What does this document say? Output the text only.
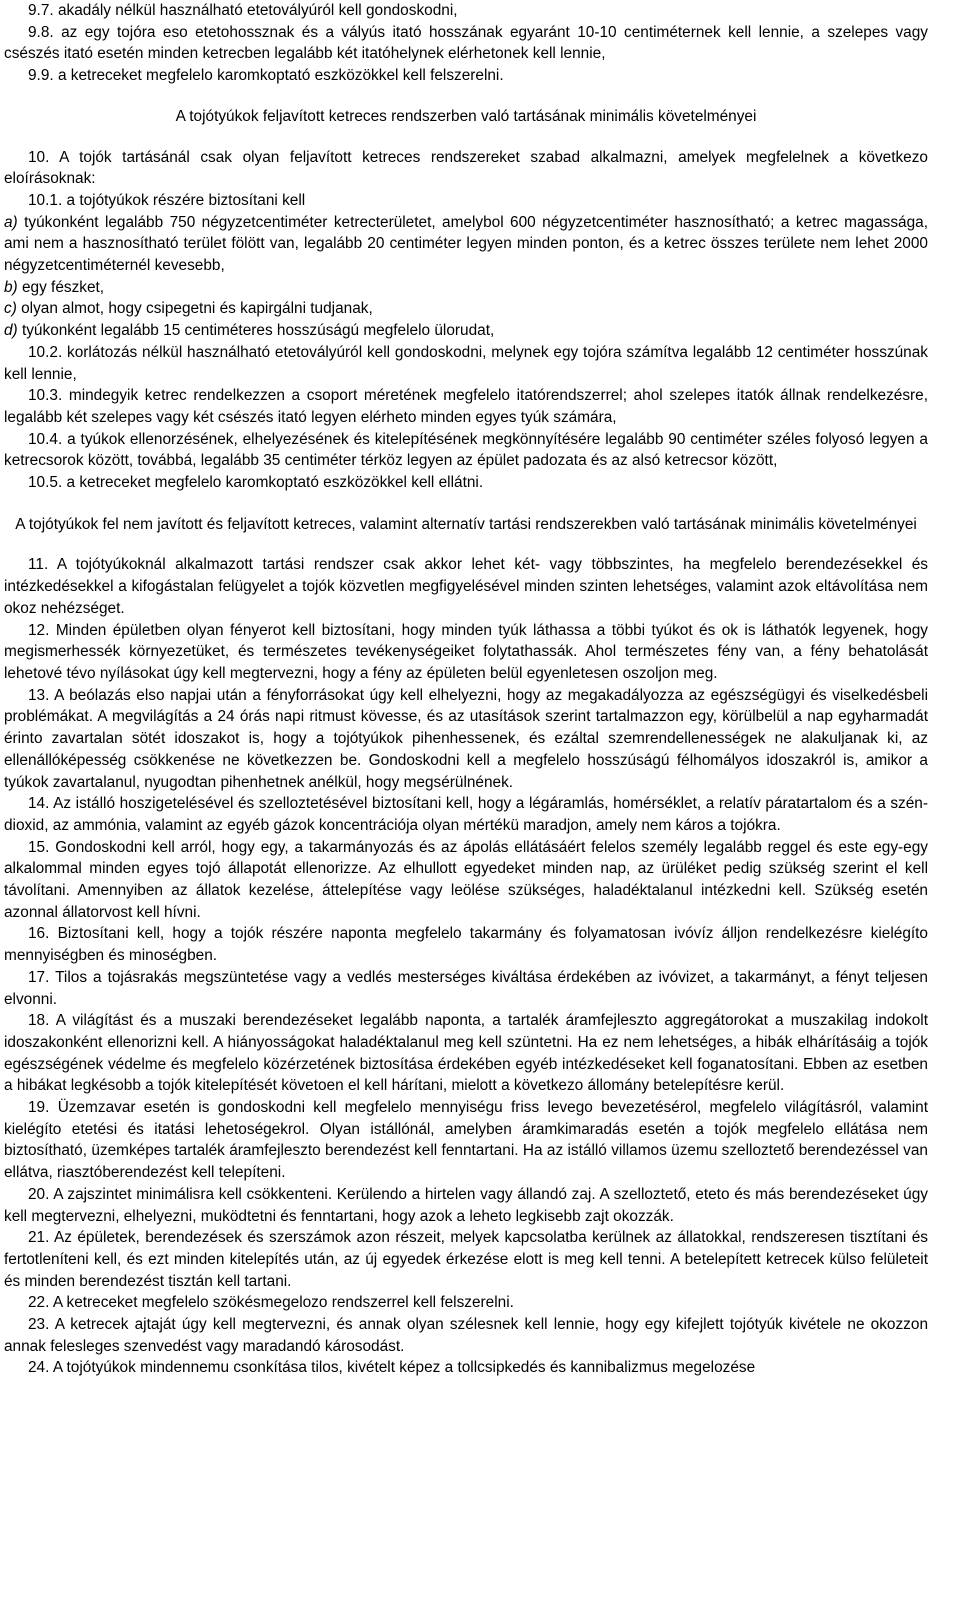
9.7. akadály nélkül használható etetovályúról kell gondoskodni,

9.8. az egy tojóra eso etetohossznak és a vályús itató hosszának egyaránt 10-10 centiméternek kell lennie, a szelepes vagy csészés itató esetén minden ketrecben legalább két itatóhelynek elérhetonek kell lennie,

9.9. a ketreceket megfelelo karomkoptató eszközökkel kell felszerelni.

A tojótyúkok feljavított ketreces rendszerben való tartásának minimális követelményei

10. A tojók tartásánál csak olyan feljavított ketreces rendszereket szabad alkalmazni, amelyek megfelelnek a következo eloírásoknak:

10.1. a tojótyúkok részére biztosítani kell

a) tyúkonként legalább 750 négyzetcentiméter ketrecterületet, amelybol 600 négyzetcentiméter hasznosítható; a ketrec magassága, ami nem a hasznosítható terület fölött van, legalább 20 centiméter legyen minden ponton, és a ketrec összes területe nem lehet 2000 négyzetcentiméternél kevesebb,

b) egy fészket,

c) olyan almot, hogy csipegetni és kapirgálni tudjanak,

d) tyúkonként legalább 15 centiméteres hosszúságú megfelelo ülorudat,

10.2. korlátozás nélkül használható etetovályúról kell gondoskodni, melynek egy tojóra számítva legalább 12 centiméter hosszúnak kell lennie,

10.3. mindegyik ketrec rendelkezzen a csoport méretének megfelelo itatórendszerrel; ahol szelepes itatók állnak rendelkezésre, legalább két szelepes vagy két csészés itató legyen elérheto minden egyes tyúk számára,

10.4. a tyúkok ellenorzésének, elhelyezésének és kitelepítésének megkönnyítésére legalább 90 centiméter széles folyosó legyen a ketrecsorok között, továbbá, legalább 35 centiméter térköz legyen az épület padozata és az alsó ketrecsor között,

10.5. a ketreceket megfelelo karomkoptató eszközökkel kell ellátni.

A tojótyúkok fel nem javított és feljavított ketreces, valamint alternatív tartási rendszerekben való tartásának minimális követelményei

11. A tojótyúkoknál alkalmazott tartási rendszer csak akkor lehet két- vagy többszintes, ha megfelelo berendezésekkel és intézkedésekkel a kifogástalan felügyelet a tojók közvetlen megfigyelésével minden szinten lehetséges, valamint azok eltávolítása nem okoz nehézséget.

12. Minden épületben olyan fényerot kell biztosítani, hogy minden tyúk láthassa a többi tyúkot és ok is láthatók legyenek, hogy megismerhessék környezetüket, és természetes tevékenységeiket folytathassák. Ahol természetes fény van, a fény behatolását lehetové tévo nyílásokat úgy kell megtervezni, hogy a fény az épületen belül egyenletesen oszoljon meg.

13. A beólazás elso napjai után a fényforrásokat úgy kell elhelyezni, hogy az megakadályozza az egészségügyi és viselkedésbeli problémákat. A megvilágítás a 24 órás napi ritmust kövesse, és az utasítások szerint tartalmazzon egy, körülbelül a nap egyharmadát érinto zavartalan sötét idoszakot is, hogy a tojótyúkok pihenhessenek, és ezáltal szemrendellenességek ne alakuljanak ki, az ellenállóképesség csökkenése ne következzen be. Gondoskodni kell a megfelelo hosszúságú félhomályos idoszakról is, amikor a tyúkok zavartalanul, nyugodtan pihenhetnek anélkül, hogy megsérülnének.

14. Az istálló hoszigetelésével és szelloztetésével biztosítani kell, hogy a légáramlás, homérséklet, a relatív páratartalom és a szén-dioxid, az ammónia, valamint az egyéb gázok koncentrációja olyan mértékü maradjon, amely nem káros a tojókra.

15. Gondoskodni kell arról, hogy egy, a takarmányozás és az ápolás ellátásáért felelos személy legalább reggel és este egy-egy alkalommal minden egyes tojó állapotát ellenorizze. Az elhullott egyedeket minden nap, az ürüléket pedig szükség szerint el kell távolítani. Amennyiben az állatok kezelése, áttelepítése vagy leölése szükséges, haladéktalanul intézkedni kell. Szükség esetén azonnal állatorvost kell hívni.

16. Biztosítani kell, hogy a tojók részére naponta megfelelo takarmány és folyamatosan ivóvíz álljon rendelkezésre kielégíto mennyiségben és minoségben.

17. Tilos a tojásrakás megszüntetése vagy a vedlés mesterséges kiváltása érdekében az ivóvizet, a takarmányt, a fényt teljesen elvonni.

18. A világítást és a muszaki berendezéseket legalább naponta, a tartalék áramfejleszto aggregátorokat a muszakilag indokolt idoszakonként ellenorizni kell. A hiányosságokat haladéktalanul meg kell szüntetni. Ha ez nem lehetséges, a hibák elhárításáig a tojók egészségének védelme és megfelelo közérzetének biztosítása érdekében egyéb intézkedéseket kell foganatosítani. Ebben az esetben a hibákat legkésobb a tojók kitelepítését követoen el kell hárítani, mielott a következo állomány betelepítésre kerül.

19. Üzemzavar esetén is gondoskodni kell megfelelo mennyiségu friss levego bevezetésérol, megfelelo világításról, valamint kielégíto etetési és itatási lehetoségekrol. Olyan istállónál, amelyben áramkimaradás esetén a tojók megfelelo ellátása nem biztosítható, üzemképes tartalék áramfejleszto berendezést kell fenntartani. Ha az istálló villamos üzemu szelloztető berendezéssel van ellátva, riasztóberendezést kell telepíteni.

20. A zajszintet minimálisra kell csökkenteni. Kerülendo a hirtelen vagy állandó zaj. A szelloztető, eteto és más berendezéseket úgy kell megtervezni, elhelyezni, muködtetni és fenntartani, hogy azok a leheto legkisebb zajt okozzák.

21. Az épületek, berendezések és szerszámok azon részeit, melyek kapcsolatba kerülnek az állatokkal, rendszeresen tisztítani és fertotleníteni kell, és ezt minden kitelepítés után, az új egyedek érkezése elott is meg kell tenni. A betelepített ketrecek külso felületeit és minden berendezést tisztán kell tartani.

22. A ketreceket megfelelo szökésmegelozo rendszerrel kell felszerelni.

23. A ketrecek ajtaját úgy kell megtervezni, és annak olyan szélesnek kell lennie, hogy egy kifejlett tojótyúk kivétele ne okozzon annak felesleges szenvedést vagy maradandó károsodást.

24. A tojótyúkok mindennemu csonkítása tilos, kivételt képez a tollcsipkedés és kannibalizmus megelozése
